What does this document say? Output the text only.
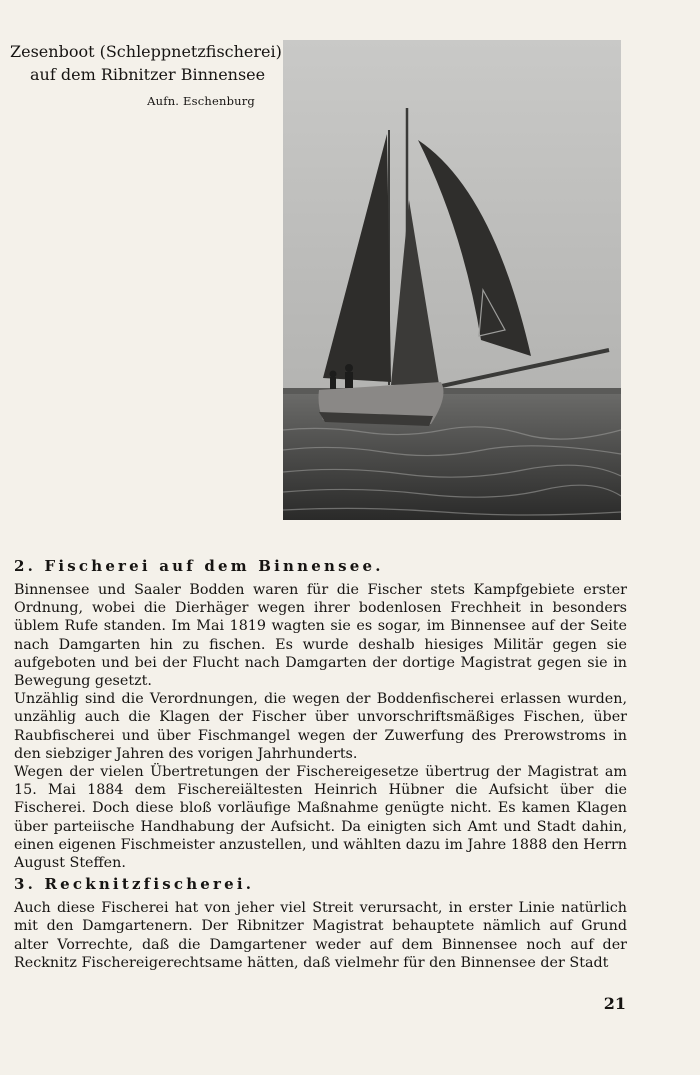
Zesenboot (Schleppnetzfischerei)
auf dem Ribnitzer Binnensee
Aufn. Eschenburg
2. Fischerei auf dem Binnensee.

Binnensee und Saaler Bodden waren für die Fischer stets Kampfgebiete erster Ordnung, wobei die Dierhäger wegen ihrer bodenlosen Frechheit in besonders üblem Rufe standen. Im Mai 1819 wagten sie es sogar, im Binnensee auf der Seite nach Damgarten hin zu fischen. Es wurde deshalb hiesiges Militär gegen sie aufgeboten und bei der Flucht nach Damgarten der dortige Magistrat gegen sie in Bewegung gesetzt.

Unzählig sind die Verordnungen, die wegen der Boddenfischerei erlassen wurden, unzählig auch die Klagen der Fischer über unvorschriftsmäßiges Fischen, über Raubfischerei und über Fischmangel wegen der Zuwerfung des Prerowstroms in den siebziger Jahren des vorigen Jahrhunderts.

Wegen der vielen Übertretungen der Fischereigesetze übertrug der Magistrat am 15. Mai 1884 dem Fischereiältesten Heinrich Hübner die Aufsicht über die Fischerei. Doch diese bloß vorläufige Maßnahme genügte nicht. Es kamen Klagen über parteiische Handhabung der Aufsicht. Da einigten sich Amt und Stadt dahin, einen eigenen Fischmeister anzustellen, und wählten dazu im Jahre 1888 den Herrn August Steffen.

3. Recknitzfischerei.

Auch diese Fischerei hat von jeher viel Streit verursacht, in erster Linie natürlich mit den Damgartenern. Der Ribnitzer Magistrat behauptete nämlich auf Grund alter Vorrechte, daß die Damgartener weder auf dem Binnensee noch auf der Recknitz Fischereigerechtsame hätten, daß vielmehr für den Binnensee der Stadt

21
